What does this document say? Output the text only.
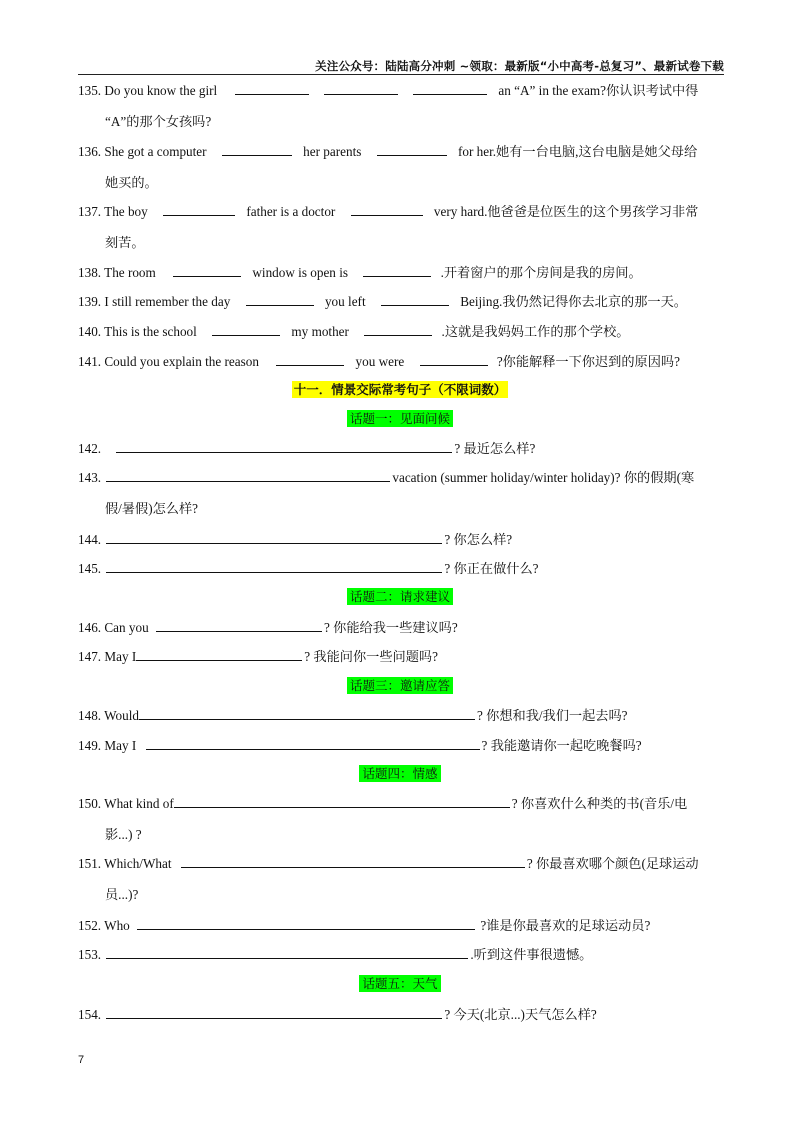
关注公众号：陆陆高分冲刺 ~领取：最新版“小中高考-总复习”、最新试卷下载
135. Do you know the girl	an “A” in the exam?你认识考试中得
“A”的那个女孩吗?
136. She got a computer	her parents	for her.她有一台电脑,这台电脑是她父母给
她买的。
137. The boy	father is a doctor	very hard.他爸爸是位医生的这个男孩学习非常
刻苦。
138. The room	window is open is	.开着窗户的那个房间是我的房间。
139. I still remember the day	you left	Beijing.我仍然记得你去北京的那一天。
140. This is the school	my mother	.这就是我妈妈工作的那个学校。
141. Could you explain the reason	you were	?你能解释一下你迟到的原因吗?
十一．情景交际常考句子（不限词数）
话题一：见面问候
142.	? 最近怎么样?
143.	vacation (summer holiday/winter holiday)? 你的假期(寒
假/暑假)怎么样?
144.	? 你怎么样?
145.	? 你正在做什么?
话题二：请求建议
146. Can you	? 你能给我一些建议吗?
147. May I	? 我能问你一些问题吗?
话题三：邀请应答
148. Would	? 你想和我/我们一起去吗?
149. May I	? 我能邀请你一起吃晚餐吗?
话题四：情感
150. What kind of	? 你喜欢什么种类的书(音乐/电
影...) ?
151. Which/What	? 你最喜欢哪个颜色(足球运动
员...)?
152. Who	?谁是你最喜欢的足球运动员?
153.	.听到这件事很遗憾。
话题五：天气
154.	? 今天(北京...)天气怎么样?
7
